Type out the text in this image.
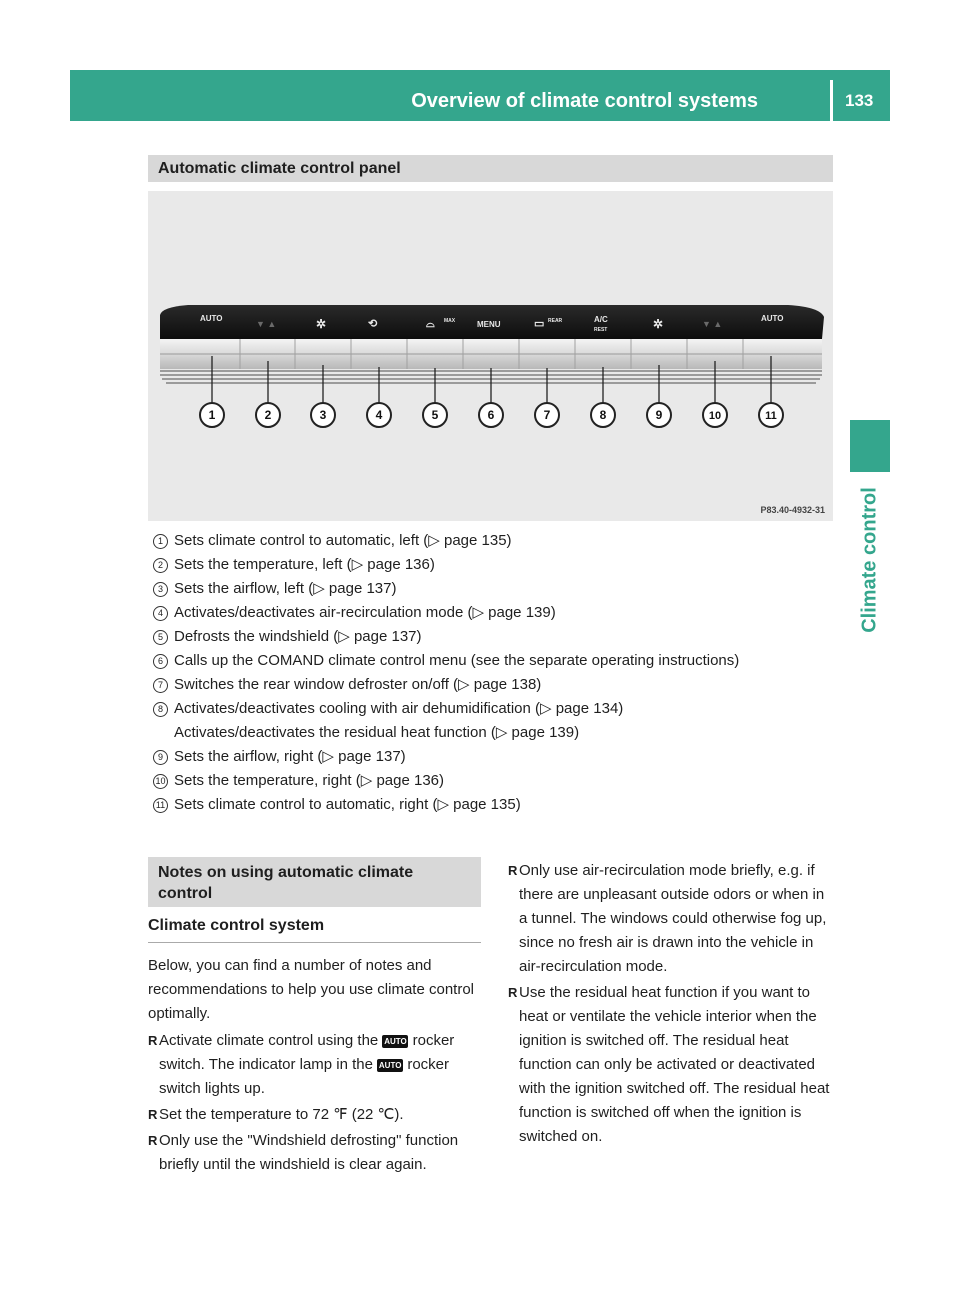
Overview of climate control systems	133
Climate control
Automatic climate control panel
AUTO
▼ ▲	✲	⟲	⌓ MAX	MENU	▭ REAR	A/C
REST	✲	▼ ▲
AUTO
1	2	3	4	5	6	7	8	9	10	11
P83.40-4932-31
1 Sets climate control to automatic, left (▷ page 135)
2 Sets the temperature, left (▷ page 136)
3 Sets the airflow, left (▷ page 137)
4 Activates/deactivates air-recirculation mode (▷ page 139)
5 Defrosts the windshield (▷ page 137)
6 Calls up the COMAND climate control menu (see the separate operating instructions)
7 Switches the rear window defroster on/off (▷ page 138)
8 Activates/deactivates cooling with air dehumidification (▷ page 134)
Activates/deactivates the residual heat function (▷ page 139)
9 Sets the airflow, right (▷ page 137)
10 Sets the temperature, right (▷ page 136)
11 Sets climate control to automatic, right (▷ page 135)
Notes on using automatic climate
control
Climate control system

Below, you can find a number of notes and recommendations to help you use climate control optimally.

R Activate climate control using the AUTO rocker switch. The indicator lamp in the AUTO rocker switch lights up.
R Set the temperature to 72 ℉ (22 ℃).
R Only use the "Windshield defrosting" function briefly until the windshield is clear again.
R Only use air-recirculation mode briefly, e.g. if there are unpleasant outside odors or when in a tunnel. The windows could otherwise fog up, since no fresh air is drawn into the vehicle in air-recirculation mode.
R Use the residual heat function if you want to heat or ventilate the vehicle interior when the ignition is switched off. The residual heat function can only be activated or deactivated with the ignition switched off. The residual heat function is switched off when the ignition is switched on.
